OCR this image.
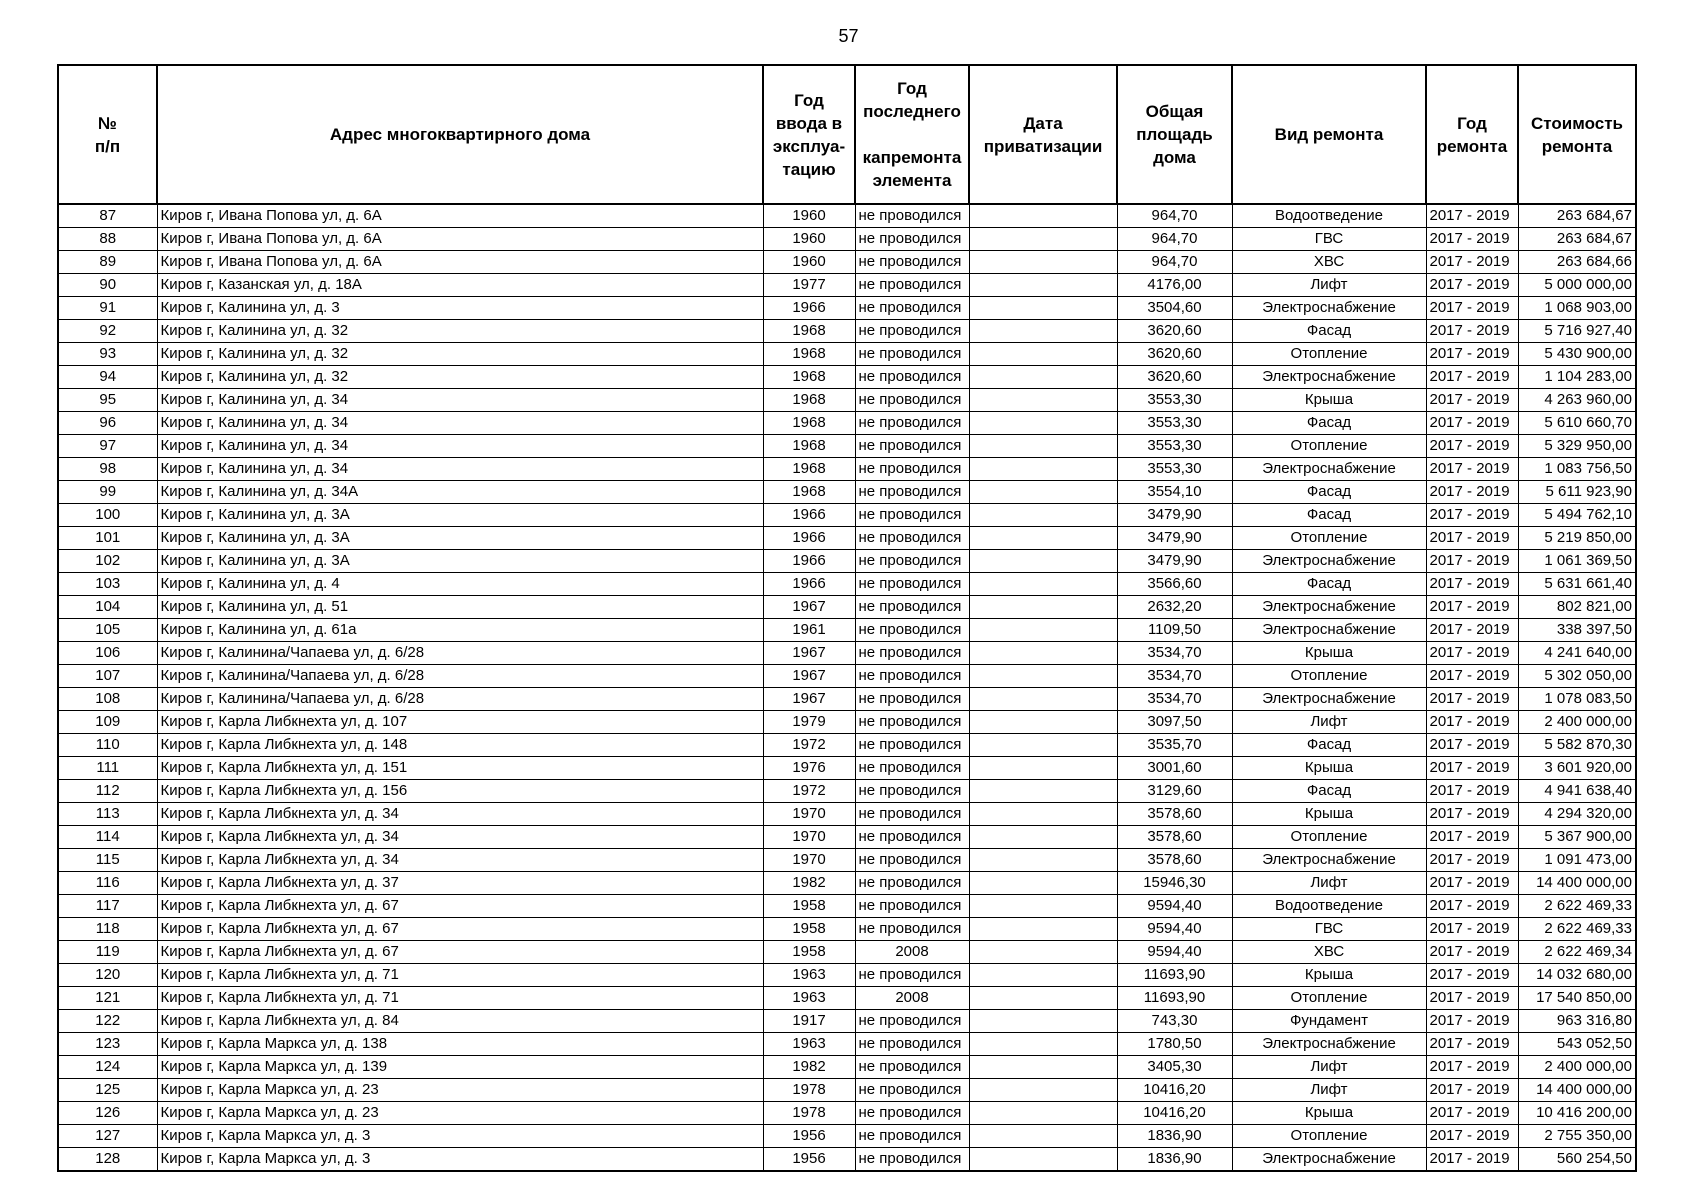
57
№
п/п	Адрес многоквартирного дома	Год
ввода в
эксплуа-
тацию	Год
последнего

капремонта
элемента	Дата
приватизации	Общая
площадь
дома	Вид ремонта	Год
ремонта	Стоимость
ремонта
87	Киров г, Ивана Попова ул, д. 6А	1960	не проводился		964,70	Водоотведение	2017 - 2019	263 684,67
88	Киров г, Ивана Попова ул, д. 6А	1960	не проводился		964,70	ГВС	2017 - 2019	263 684,67
89	Киров г, Ивана Попова ул, д. 6А	1960	не проводился		964,70	ХВС	2017 - 2019	263 684,66
90	Киров г, Казанская ул, д. 18А	1977	не проводился		4176,00	Лифт	2017 - 2019	5 000 000,00
91	Киров г, Калинина ул, д. 3	1966	не проводился		3504,60	Электроснабжение	2017 - 2019	1 068 903,00
92	Киров г, Калинина ул, д. 32	1968	не проводился		3620,60	Фасад	2017 - 2019	5 716 927,40
93	Киров г, Калинина ул, д. 32	1968	не проводился		3620,60	Отопление	2017 - 2019	5 430 900,00
94	Киров г, Калинина ул, д. 32	1968	не проводился		3620,60	Электроснабжение	2017 - 2019	1 104 283,00
95	Киров г, Калинина ул, д. 34	1968	не проводился		3553,30	Крыша	2017 - 2019	4 263 960,00
96	Киров г, Калинина ул, д. 34	1968	не проводился		3553,30	Фасад	2017 - 2019	5 610 660,70
97	Киров г, Калинина ул, д. 34	1968	не проводился		3553,30	Отопление	2017 - 2019	5 329 950,00
98	Киров г, Калинина ул, д. 34	1968	не проводился		3553,30	Электроснабжение	2017 - 2019	1 083 756,50
99	Киров г, Калинина ул, д. 34А	1968	не проводился		3554,10	Фасад	2017 - 2019	5 611 923,90
100	Киров г, Калинина ул, д. 3А	1966	не проводился		3479,90	Фасад	2017 - 2019	5 494 762,10
101	Киров г, Калинина ул, д. 3А	1966	не проводился		3479,90	Отопление	2017 - 2019	5 219 850,00
102	Киров г, Калинина ул, д. 3А	1966	не проводился		3479,90	Электроснабжение	2017 - 2019	1 061 369,50
103	Киров г, Калинина ул, д. 4	1966	не проводился		3566,60	Фасад	2017 - 2019	5 631 661,40
104	Киров г, Калинина ул, д. 51	1967	не проводился		2632,20	Электроснабжение	2017 - 2019	802 821,00
105	Киров г, Калинина ул, д. 61а	1961	не проводился		1109,50	Электроснабжение	2017 - 2019	338 397,50
106	Киров г, Калинина/Чапаева ул, д. 6/28	1967	не проводился		3534,70	Крыша	2017 - 2019	4 241 640,00
107	Киров г, Калинина/Чапаева ул, д. 6/28	1967	не проводился		3534,70	Отопление	2017 - 2019	5 302 050,00
108	Киров г, Калинина/Чапаева ул, д. 6/28	1967	не проводился		3534,70	Электроснабжение	2017 - 2019	1 078 083,50
109	Киров г, Карла Либкнехта ул, д. 107	1979	не проводился		3097,50	Лифт	2017 - 2019	2 400 000,00
110	Киров г, Карла Либкнехта ул, д. 148	1972	не проводился		3535,70	Фасад	2017 - 2019	5 582 870,30
111	Киров г, Карла Либкнехта ул, д. 151	1976	не проводился		3001,60	Крыша	2017 - 2019	3 601 920,00
112	Киров г, Карла Либкнехта ул, д. 156	1972	не проводился		3129,60	Фасад	2017 - 2019	4 941 638,40
113	Киров г, Карла Либкнехта ул, д. 34	1970	не проводился		3578,60	Крыша	2017 - 2019	4 294 320,00
114	Киров г, Карла Либкнехта ул, д. 34	1970	не проводился		3578,60	Отопление	2017 - 2019	5 367 900,00
115	Киров г, Карла Либкнехта ул, д. 34	1970	не проводился		3578,60	Электроснабжение	2017 - 2019	1 091 473,00
116	Киров г, Карла Либкнехта ул, д. 37	1982	не проводился		15946,30	Лифт	2017 - 2019	14 400 000,00
117	Киров г, Карла Либкнехта ул, д. 67	1958	не проводился		9594,40	Водоотведение	2017 - 2019	2 622 469,33
118	Киров г, Карла Либкнехта ул, д. 67	1958	не проводился		9594,40	ГВС	2017 - 2019	2 622 469,33
119	Киров г, Карла Либкнехта ул, д. 67	1958	2008		9594,40	ХВС	2017 - 2019	2 622 469,34
120	Киров г, Карла Либкнехта ул, д. 71	1963	не проводился		11693,90	Крыша	2017 - 2019	14 032 680,00
121	Киров г, Карла Либкнехта ул, д. 71	1963	2008		11693,90	Отопление	2017 - 2019	17 540 850,00
122	Киров г, Карла Либкнехта ул, д. 84	1917	не проводился		743,30	Фундамент	2017 - 2019	963 316,80
123	Киров г, Карла Маркса ул, д. 138	1963	не проводился		1780,50	Электроснабжение	2017 - 2019	543 052,50
124	Киров г, Карла Маркса ул, д. 139	1982	не проводился		3405,30	Лифт	2017 - 2019	2 400 000,00
125	Киров г, Карла Маркса ул, д. 23	1978	не проводился		10416,20	Лифт	2017 - 2019	14 400 000,00
126	Киров г, Карла Маркса ул, д. 23	1978	не проводился		10416,20	Крыша	2017 - 2019	10 416 200,00
127	Киров г, Карла Маркса ул, д. 3	1956	не проводился		1836,90	Отопление	2017 - 2019	2 755 350,00
128	Киров г, Карла Маркса ул, д. 3	1956	не проводился		1836,90	Электроснабжение	2017 - 2019	560 254,50
